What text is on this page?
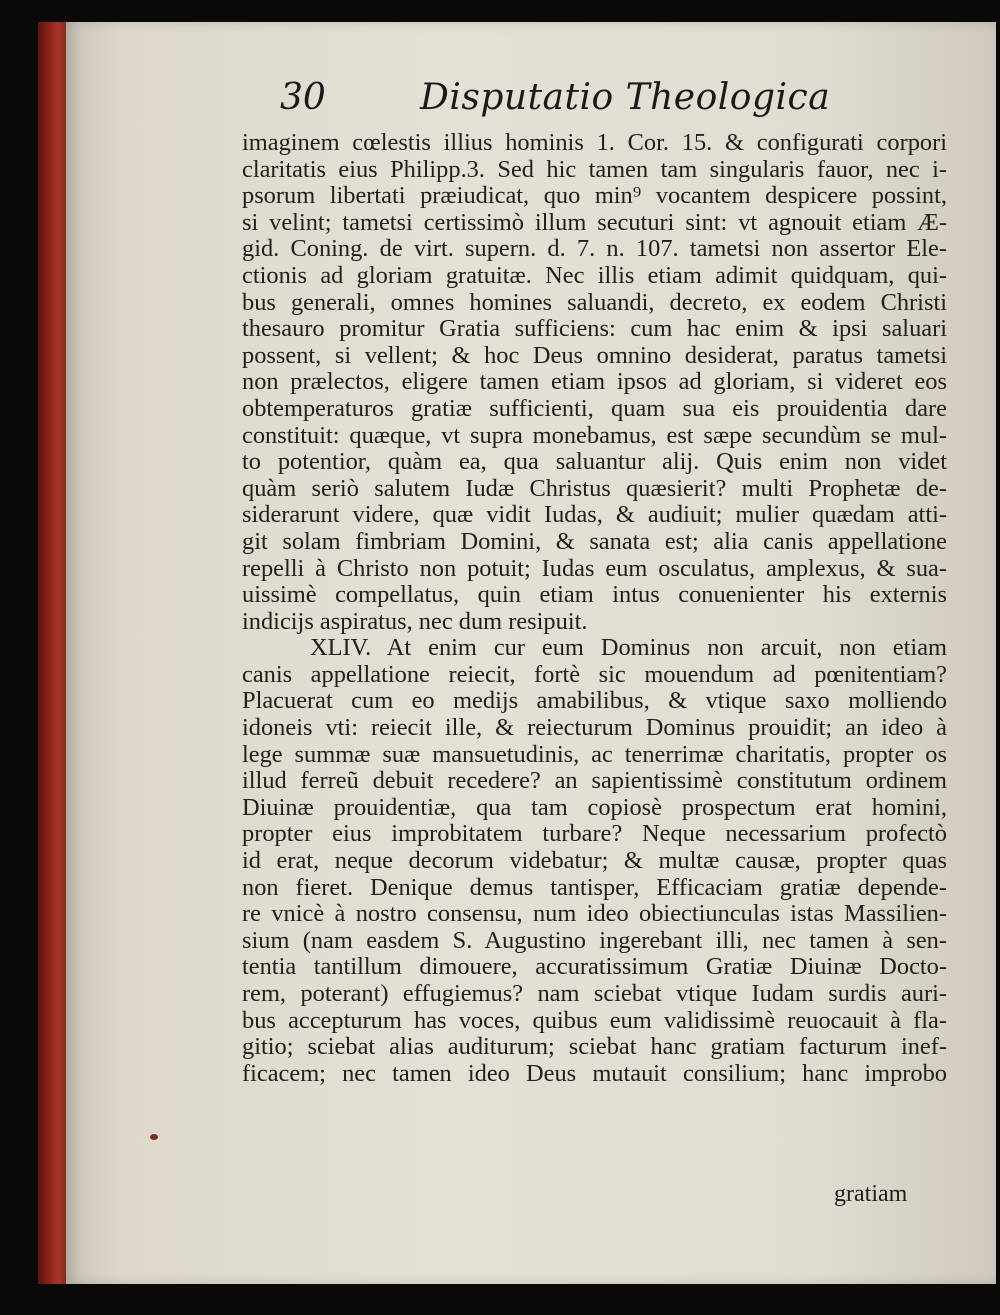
30	Disputatio Theologica
imaginem cœlestis illius hominis 1. Cor. 15. & configurati corpori
claritatis eius Philipp.3. Sed hic tamen tam singularis fauor, nec i-
psorum libertati præiudicat, quo min⁹ vocantem despicere possint,
si velint; tametsi certissimò illum secuturi sint: vt agnouit etiam Æ-
gid. Coning. de virt. supern. d. 7. n. 107. tametsi non assertor Ele-
ctionis ad gloriam gratuitæ. Nec illis etiam adimit quidquam, qui-
bus generali, omnes homines saluandi, decreto, ex eodem Christi
thesauro promitur Gratia sufficiens: cum hac enim & ipsi saluari
possent, si vellent; & hoc Deus omnino desiderat, paratus tametsi
non prælectos, eligere tamen etiam ipsos ad gloriam, si videret eos
obtemperaturos gratiæ sufficienti, quam sua eis prouidentia dare
constituit: quæque, vt supra monebamus, est sæpe secundùm se mul-
to potentior, quàm ea, qua saluantur alij. Quis enim non videt
quàm seriò salutem Iudæ Christus quæsierit? multi Prophetæ de-
siderarunt videre, quæ vidit Iudas, & audiuit; mulier quædam atti-
git solam fimbriam Domini, & sanata est; alia canis appellatione
repelli à Christo non potuit; Iudas eum osculatus, amplexus, & sua-
uissimè compellatus, quin etiam intus conuenienter his externis
indicijs aspiratus, nec dum resipuit.
XLIV. At enim cur eum Dominus non arcuit, non etiam
canis appellatione reiecit, fortè sic mouendum ad pœnitentiam?
Placuerat cum eo medijs amabilibus, & vtique saxo molliendo
idoneis vti: reiecit ille, & reiecturum Dominus prouidit; an ideo à
lege summæ suæ mansuetudinis, ac tenerrimæ charitatis, propter os
illud ferreũ debuit recedere? an sapientissimè constitutum ordinem
Diuinæ prouidentiæ, qua tam copiosè prospectum erat homini,
propter eius improbitatem turbare? Neque necessarium profectò
id erat, neque decorum videbatur; & multæ causæ, propter quas
non fieret. Denique demus tantisper, Efficaciam gratiæ depende-
re vnicè à nostro consensu, num ideo obiectiunculas istas Massilien-
sium (nam easdem S. Augustino ingerebant illi, nec tamen à sen-
tentia tantillum dimouere, accuratissimum Gratiæ Diuinæ Docto-
rem, poterant) effugiemus? nam sciebat vtique Iudam surdis auri-
bus accepturum has voces, quibus eum validissimè reuocauit à fla-
gitio; sciebat alias auditurum; sciebat hanc gratiam facturum inef-
ficacem; nec tamen ideo Deus mutauit consilium; hanc improbo
gratiam
